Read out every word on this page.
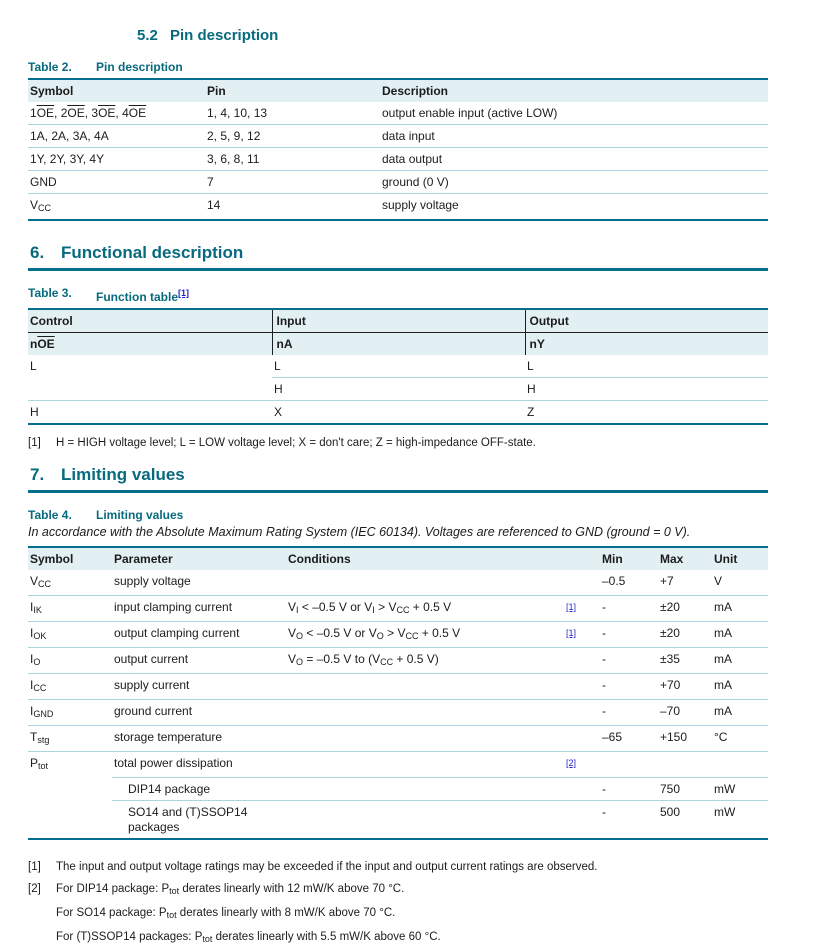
5.2 Pin description
Table 2.	Pin description
Symbol	Pin	Description
$1\overline{OE}$, $2\overline{OE}$, $3\overline{OE}$, $4\overline{OE}$	1, 4, 10, 13	output enable input (active LOW)
1A, 2A, 3A, 4A	2, 5, 9, 12	data input
1Y, 2Y, 3Y, 4Y	3, 6, 8, 11	data output
GND	7	ground (0 V)
VCC	14	supply voltage
6. Functional description
Table 3.	Function table[1]
Control	Input	Output
$n\overline{OE}$	nA	nY
L	L	L
	H	H
H	X	Z
[1]	H = HIGH voltage level; L = LOW voltage level; X = don't care; Z = high-impedance OFF-state.
7. Limiting values
Table 4.	Limiting values
In accordance with the Absolute Maximum Rating System (IEC 60134). Voltages are referenced to GND (ground = 0 V).
Symbol	Parameter	Conditions		Min	Max	Unit
VCC	supply voltage			–0.5	+7	V
IIK	input clamping current	VI < –0.5 V or VI > VCC + 0.5 V	[1]	-	±20	mA
IOK	output clamping current	VO < –0.5 V or VO > VCC + 0.5 V	[1]	-	±20	mA
IO	output current	VO = –0.5 V to (VCC + 0.5 V)		-	±35	mA
ICC	supply current			-	+70	mA
IGND	ground current			-	–70	mA
Tstg	storage temperature			–65	+150	°C
Ptot	total power dissipation		[2]			
	DIP14 package			-	750	mW
	SO14 and (T)SSOP14 packages			-	500	mW
[1]	The input and output voltage ratings may be exceeded if the input and output current ratings are observed.
[2]	For DIP14 package: Ptot derates linearly with 12 mW/K above 70 °C.
For SO14 package: Ptot derates linearly with 8 mW/K above 70 °C.
For (T)SSOP14 packages: Ptot derates linearly with 5.5 mW/K above 60 °C.
